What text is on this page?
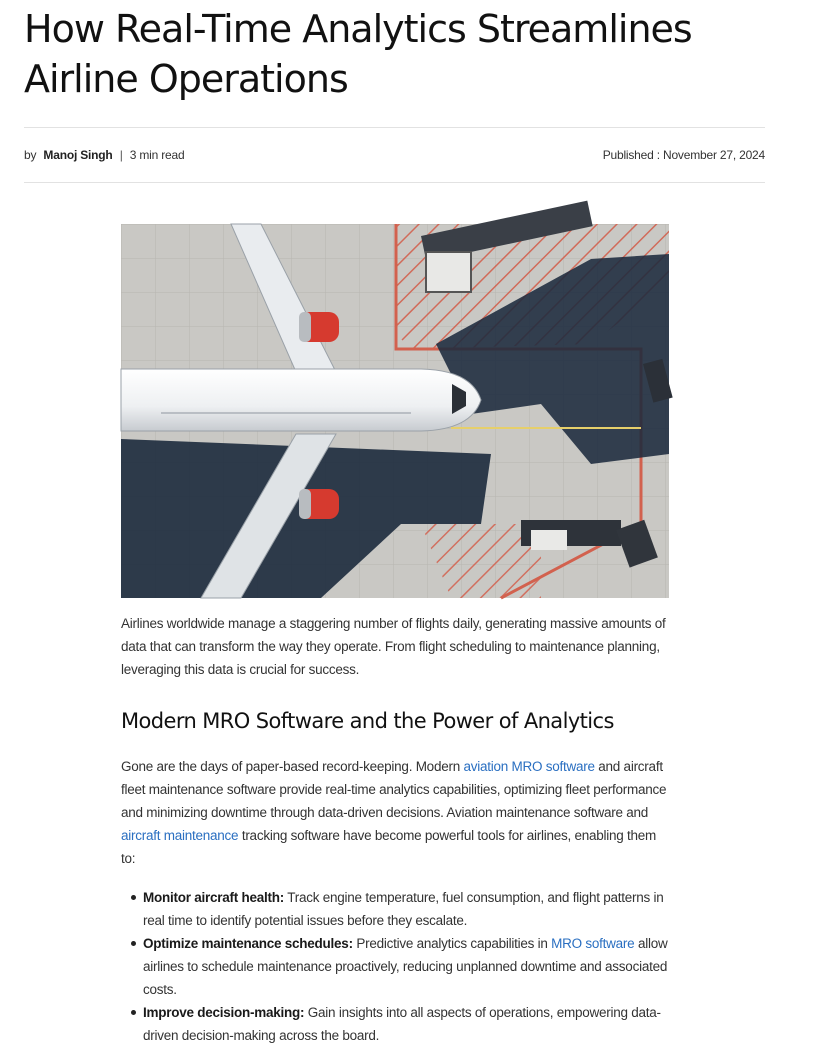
How Real-Time Analytics Streamlines Airline Operations
by Manoj Singh | 3 min read	Published : November 27, 2024

Airlines worldwide manage a staggering number of flights daily, generating massive amounts of data that can transform the way they operate. From flight scheduling to maintenance planning, leveraging this data is crucial for success.

Modern MRO Software and the Power of Analytics

Gone are the days of paper-based record-keeping. Modern aviation MRO software and aircraft fleet maintenance software provide real-time analytics capabilities, optimizing fleet performance and minimizing downtime through data-driven decisions. Aviation maintenance software and aircraft maintenance tracking software have become powerful tools for airlines, enabling them to:

Monitor aircraft health: Track engine temperature, fuel consumption, and flight patterns in real time to identify potential issues before they escalate.
Optimize maintenance schedules: Predictive analytics capabilities in MRO software allow airlines to schedule maintenance proactively, reducing unplanned downtime and associated costs.
Improve decision-making: Gain insights into all aspects of operations, empowering data-driven decision-making across the board.
